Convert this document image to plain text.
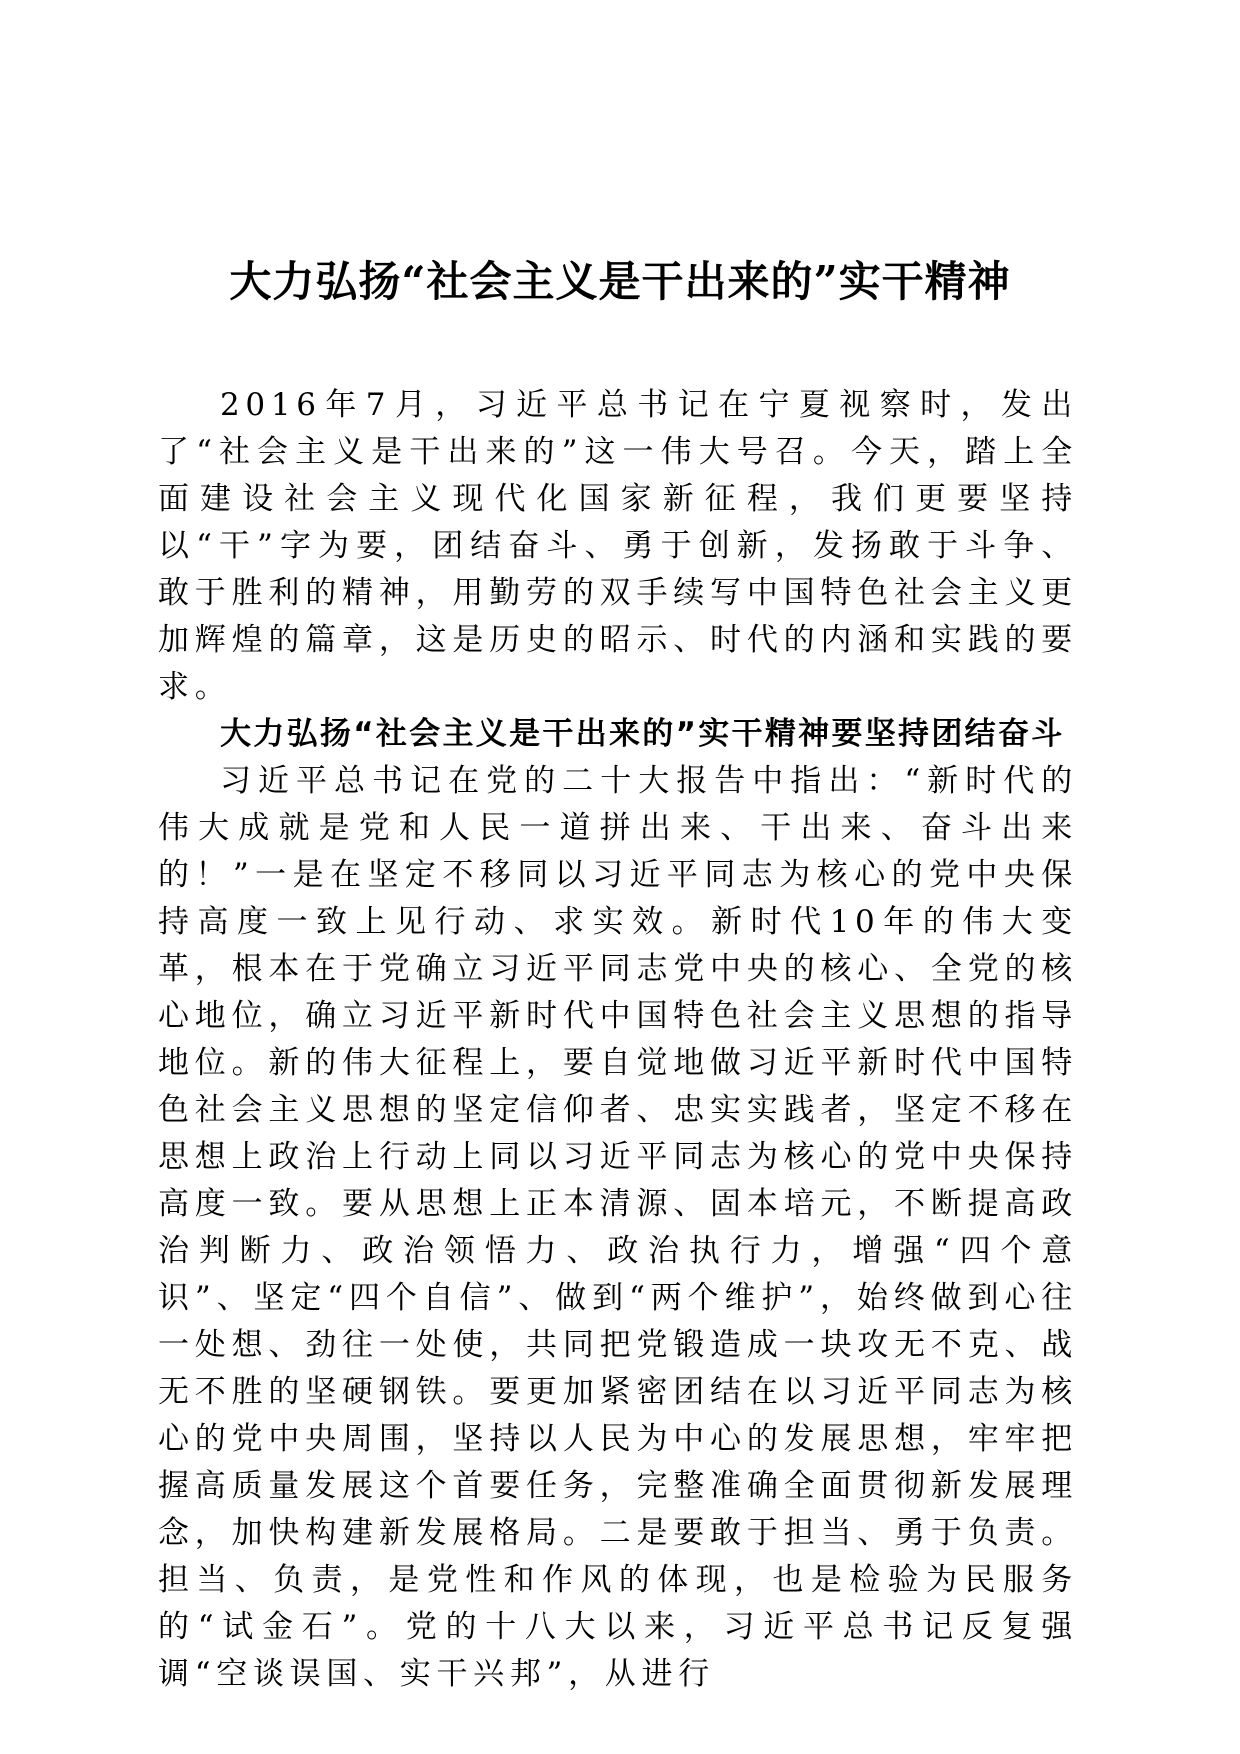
大力弘扬“社会主义是干出来的”实干精神

2016年7月，习近平总书记在宁夏视察时，发出了“社会主义是干出来的”这一伟大号召。今天，踏上全面建设社会主义现代化国家新征程，我们更要坚持以“干”字为要，团结奋斗、勇于创新，发扬敢于斗争、敢于胜利的精神，用勤劳的双手续写中国特色社会主义更加辉煌的篇章，这是历史的昭示、时代的内涵和实践的要求。

大力弘扬“社会主义是干出来的”实干精神要坚持团结奋斗

习近平总书记在党的二十大报告中指出：“新时代的伟大成就是党和人民一道拼出来、干出来、奋斗出来的！”一是在坚定不移同以习近平同志为核心的党中央保持高度一致上见行动、求实效。新时代10年的伟大变革，根本在于党确立习近平同志党中央的核心、全党的核心地位，确立习近平新时代中国特色社会主义思想的指导地位。新的伟大征程上，要自觉地做习近平新时代中国特色社会主义思想的坚定信仰者、忠实实践者，坚定不移在思想上政治上行动上同以习近平同志为核心的党中央保持高度一致。要从思想上正本清源、固本培元，不断提高政治判断力、政治领悟力、政治执行力，增强“四个意识”、坚定“四个自信”、做到“两个维护”，始终做到心往一处想、劲往一处使，共同把党锻造成一块攻无不克、战无不胜的坚硬钢铁。要更加紧密团结在以习近平同志为核心的党中央周围，坚持以人民为中心的发展思想，牢牢把握高质量发展这个首要任务，完整准确全面贯彻新发展理念，加快构建新发展格局。二是要敢于担当、勇于负责。担当、负责，是党性和作风的体现，也是检验为民服务的“试金石”。党的十八大以来，习近平总书记反复强调“空谈误国、实干兴邦”，从进行
